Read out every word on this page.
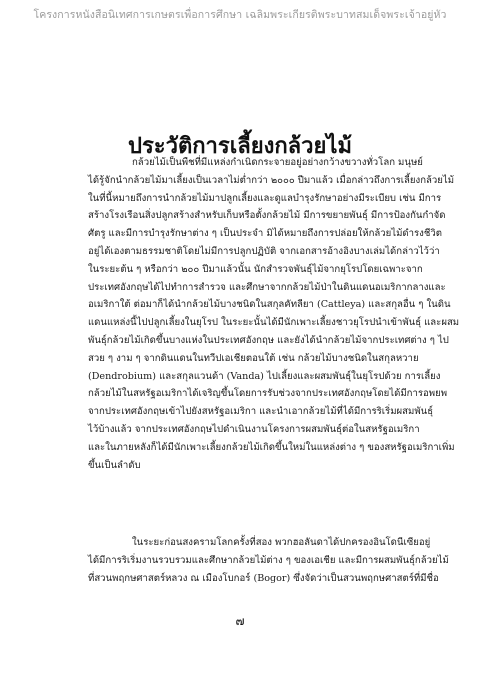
โครงการหนังสือนิเทศการเกษตรเพื่อการศึกษา เฉลิมพระเกียรติพระบาทสมเด็จพระเจ้าอยู่หัว
ประวัติการเลี้ยงกล้วยไม้
กล้วยไม้เป็นพืชที่มีแหล่งกำเนิดกระจายอยู่อย่างกว้างขวางทั่วโลก มนุษย์
ได้รู้จักนำกล้วยไม้มาเลี้ยงเป็นเวลาไม่ต่ำกว่า ๒๐๐๐ ปีมาแล้ว เมื่อกล่าวถึงการเลี้ยงกล้วยไม้
ในที่นี้หมายถึงการนำกล้วยไม้มาปลูกเลี้ยงและดูแลบำรุงรักษาอย่างมีระเบียบ เช่น มีการ
สร้างโรงเรือนสิ่งปลูกสร้างสำหรับเก็บหรือตั้งกล้วยไม้ มีการขยายพันธุ์ มีการป้องกันกำจัด
ศัตรู และมีการบำรุงรักษาต่าง ๆ เป็นประจำ มิได้หมายถึงการปล่อยให้กล้วยไม้ดำรงชีวิต
อยู่ได้เองตามธรรมชาติโดยไม่มีการปลูกปฏิบัติ จากเอกสารอ้างอิงบางเล่มได้กล่าวไว้ว่า
ในระยะต้น ๆ หรือกว่า ๒๐๐ ปีมาแล้วนั้น นักสำรวจพันธุ์ไม้จากยุโรปโดยเฉพาะจาก
ประเทศอังกฤษได้ไปทำการสำรวจ และศึกษาจากกล้วยไม้ป่าในดินแดนอเมริกากลางและ
อเมริกาใต้ ต่อมาก็ได้นำกล้วยไม้บางชนิดในสกุลคัทลียา (Cattleya) และสกุลอื่น ๆ ในดิน
แดนแหล่งนี้ไปปลูกเลี้ยงในยุโรป ในระยะนั้นได้มีนักเพาะเลี้ยงชาวยุโรปนำเข้าพันธุ์ และผสม
พันธุ์กล้วยไม้เกิดขึ้นบางแห่งในประเทศอังกฤษ และยังได้นำกล้วยไม้จากประเทศต่าง ๆ ไป
สวย ๆ งาม ๆ จากดินแดนในทวีปเอเชียตอนใต้ เช่น กล้วยไม้บางชนิดในสกุลหวาย
(Dendrobium) และสกุลแวนด้า (Vanda) ไปเลี้ยงและผสมพันธุ์ในยุโรปด้วย การเลี้ยง
กล้วยไม้ในสหรัฐอเมริกาได้เจริญขึ้นโดยการรับช่วงจากประเทศอังกฤษโดยได้มีการอพยพ
จากประเทศอังกฤษเข้าไปยังสหรัฐอเมริกา และนำเอากล้วยไม้ที่ได้มีการริเริ่มผสมพันธุ์
ไว้บ้างแล้ว จากประเทศอังกฤษไปดำเนินงานโครงการผสมพันธุ์ต่อในสหรัฐอเมริกา
และในภายหลังก็ได้มีนักเพาะเลี้ยงกล้วยไม้เกิดขึ้นใหม่ในแหล่งต่าง ๆ ของสหรัฐอเมริกาเพิ่ม
ขึ้นเป็นลำดับ
ในระยะก่อนสงครามโลกครั้งที่สอง พวกฮอลันดาได้ปกครองอินโดนีเซียอยู่
ได้มีการริเริ่มงานรวบรวมและศึกษากล้วยไม้ต่าง ๆ ของเอเชีย และมีการผสมพันธุ์กล้วยไม้
ที่สวนพฤกษศาสตร์หลวง ณ เมืองโบกอร์ (Bogor) ซึ่งจัดว่าเป็นสวนพฤกษศาสตร์ที่มีชื่อ
๗
